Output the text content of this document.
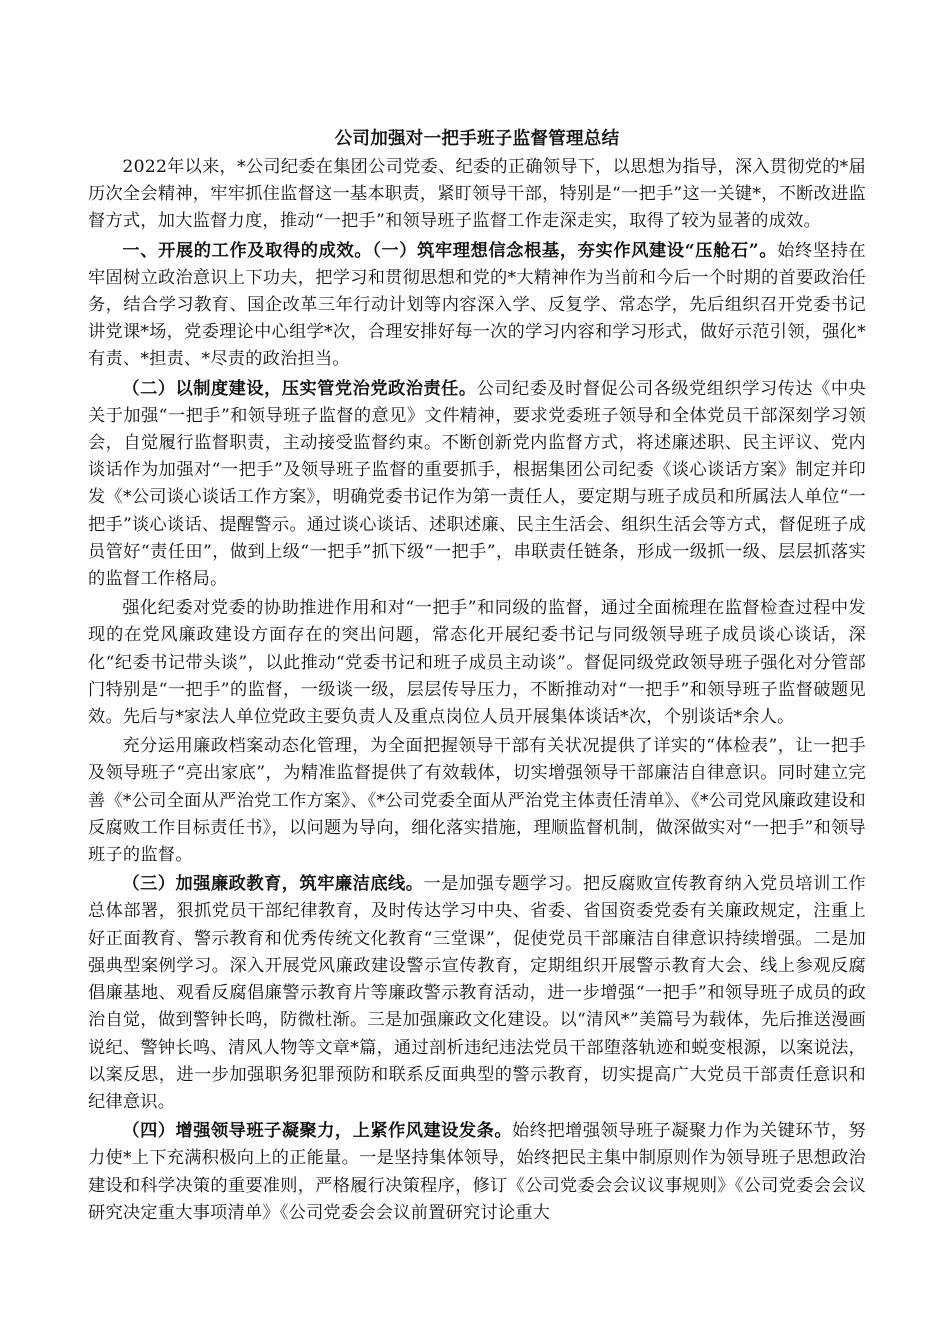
公司加强对一把手班子监督管理总结

2022年以来，*公司纪委在集团公司党委、纪委的正确领导下，以思想为指导，深入贯彻党的*届历次全会精神，牢牢抓住监督这一基本职责，紧盯领导干部，特别是“一把手”这一关键*，不断改进监督方式，加大监督力度，推动“一把手”和领导班子监督工作走深走实，取得了较为显著的成效。

一、开展的工作及取得的成效。（一）筑牢理想信念根基，夯实作风建设“压舱石”。始终坚持在牢固树立政治意识上下功夫，把学习和贯彻思想和党的*大精神作为当前和今后一个时期的首要政治任务，结合学习教育、国企改革三年行动计划等内容深入学、反复学、常态学，先后组织召开党委书记讲党课*场，党委理论中心组学*次，合理安排好每一次的学习内容和学习形式，做好示范引领，强化*有责、*担责、*尽责的政治担当。

（二）以制度建设，压实管党治党政治责任。公司纪委及时督促公司各级党组织学习传达《中央关于加强“一把手”和领导班子监督的意见》文件精神，要求党委班子领导和全体党员干部深刻学习领会，自觉履行监督职责，主动接受监督约束。不断创新党内监督方式，将述廉述职、民主评议、党内谈话作为加强对“一把手”及领导班子监督的重要抓手，根据集团公司纪委《谈心谈话方案》制定并印发《*公司谈心谈话工作方案》，明确党委书记作为第一责任人，要定期与班子成员和所属法人单位“一把手”谈心谈话、提醒警示。通过谈心谈话、述职述廉、民主生活会、组织生活会等方式，督促班子成员管好“责任田”，做到上级“一把手”抓下级“一把手”，串联责任链条，形成一级抓一级、层层抓落实的监督工作格局。

强化纪委对党委的协助推进作用和对“一把手”和同级的监督，通过全面梳理在监督检查过程中发现的在党风廉政建设方面存在的突出问题，常态化开展纪委书记与同级领导班子成员谈心谈话，深化“纪委书记带头谈”，以此推动“党委书记和班子成员主动谈”。督促同级党政领导班子强化对分管部门特别是“一把手”的监督，一级谈一级，层层传导压力，不断推动对“一把手”和领导班子监督破题见效。先后与*家法人单位党政主要负责人及重点岗位人员开展集体谈话*次，个别谈话*余人。

充分运用廉政档案动态化管理，为全面把握领导干部有关状况提供了详实的“体检表”，让一把手及领导班子“亮出家底”，为精准监督提供了有效载体，切实增强领导干部廉洁自律意识。同时建立完善《*公司全面从严治党工作方案》、《*公司党委全面从严治党主体责任清单》、《*公司党风廉政建设和反腐败工作目标责任书》，以问题为导向，细化落实措施，理顺监督机制，做深做实对“一把手”和领导班子的监督。

（三）加强廉政教育，筑牢廉洁底线。一是加强专题学习。把反腐败宣传教育纳入党员培训工作总体部署，狠抓党员干部纪律教育，及时传达学习中央、省委、省国资委党委有关廉政规定，注重上好正面教育、警示教育和优秀传统文化教育“三堂课”，促使党员干部廉洁自律意识持续增强。二是加强典型案例学习。深入开展党风廉政建设警示宣传教育，定期组织开展警示教育大会、线上参观反腐倡廉基地、观看反腐倡廉警示教育片等廉政警示教育活动，进一步增强“一把手”和领导班子成员的政治自觉，做到警钟长鸣，防微杜渐。三是加强廉政文化建设。以“清风*”美篇号为载体，先后推送漫画说纪、警钟长鸣、清风人物等文章*篇，通过剖析违纪违法党员干部堕落轨迹和蜕变根源，以案说法，以案反思，进一步加强职务犯罪预防和联系反面典型的警示教育，切实提高广大党员干部责任意识和纪律意识。

（四）增强领导班子凝聚力，上紧作风建设发条。始终把增强领导班子凝聚力作为关键环节，努力使*上下充满积极向上的正能量。一是坚持集体领导，始终把民主集中制原则作为领导班子思想政治建设和科学决策的重要准则，严格履行决策程序，修订《公司党委会会议议事规则》《公司党委会会议研究决定重大事项清单》《公司党委会会议前置研究讨论重大
